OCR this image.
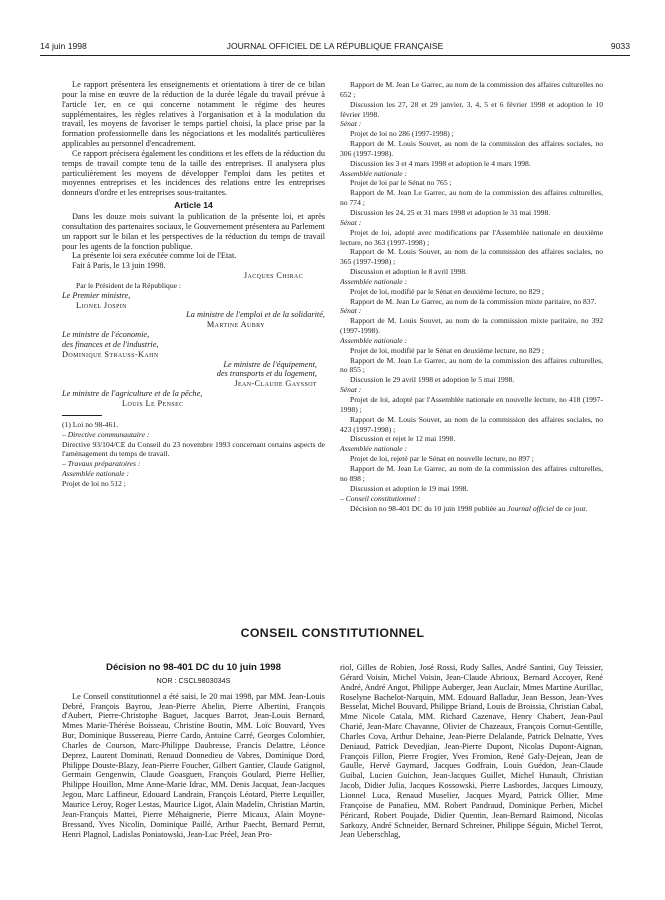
14 juin 1998	JOURNAL OFFICIEL DE LA RÉPUBLIQUE FRANÇAISE	9033

Le rapport présentera les enseignements et orientations à tirer de ce bilan pour la mise en œuvre de la réduction de la durée légale du travail prévue à l'article 1er, en ce qui concerne notamment le régime des heures supplémentaires, les règles relatives à l'organisation et à la modulation du travail, les moyens de favoriser le temps partiel choisi, la place prise par la formation professionnelle dans les négociations et les modalités particulières applicables au personnel d'encadrement.

Ce rapport précisera également les conditions et les effets de la réduction du temps de travail compte tenu de la taille des entreprises. Il analysera plus particulièrement les moyens de développer l'emploi dans les petites et moyennes entreprises et les incidences des relations entre les entreprises donneurs d'ordre et les entreprises sous-traitantes.

Article 14

Dans les douze mois suivant la publication de la présente loi, et après consultation des partenaires sociaux, le Gouvernement présentera au Parlement un rapport sur le bilan et les perspectives de la réduction du temps de travail pour les agents de la fonction publique.

La présente loi sera exécutée comme loi de l'Etat.

Fait à Paris, le 13 juin 1998.

Jacques Chirac

Par le Président de la République :

Le Premier ministre,

Lionel Jospin

La ministre de l'emploi et de la solidarité,

Martine Aubry

Le ministre de l'économie,

des finances et de l'industrie,

Dominique Strauss-Kahn

Le ministre de l'équipement,

des transports et du logement,

Jean-Claude Gayssot

Le ministre de l'agriculture et de la pêche,

Louis Le Pensec

(1) Loi no 98-461.

– Directive communautaire :

Directive 93/104/CE du Conseil du 23 novembre 1993 concernant certains aspects de l'aménagement du temps de travail.

– Travaux préparatoires :

Assemblée nationale :

Projet de loi no 512 ;

Rapport de M. Jean Le Garrec, au nom de la commission des affaires culturelles no 652 ;

Discussion les 27, 28 et 29 janvier, 3, 4, 5 et 6 février 1998 et adoption le 10 février 1998.

Sénat :

Projet de loi no 286 (1997-1998) ;

Rapport de M. Louis Souvet, au nom de la commission des affaires sociales, no 306 (1997-1998).

Discussion les 3 et 4 mars 1998 et adoption le 4 mars 1998.

Assemblée nationale :

Projet de loi par le Sénat no 765 ;

Rapport de M. Jean Le Garrec, au nom de la commission des affaires culturelles, no 774 ;

Discussion les 24, 25 et 31 mars 1998 et adoption le 31 mai 1998.

Sénat :

Projet de loi, adopté avec modifications par l'Assemblée nationale en deuxième lecture, no 363 (1997-1998) ;

Rapport de M. Louis Souvet, au nom de la commission des affaires sociales, no 365 (1997-1998) ;

Discussion et adoption le 8 avril 1998.

Assemblée nationale :

Projet de loi, modifié par le Sénat en deuxième lecture, no 829 ;

Rapport de M. Jean Le Garrec, au nom de la commission mixte paritaire, no 837.

Sénat :

Rapport de M. Louis Souvet, au nom de la commission mixte paritaire, no 392 (1997-1998).

Assemblée nationale :

Projet de loi, modifié par le Sénat en deuxième lecture, no 829 ;

Rapport de M. Jean Le Garrec, au nom de la commission des affaires culturelles, no 855 ;

Discussion le 29 avril 1998 et adoption le 5 mai 1998.

Sénat :

Projet de loi, adopté par l'Assemblée nationale en nouvelle lecture, no 418 (1997-1998) ;

Rapport de M. Louis Souvet, au nom de la commission des affaires sociales, no 423 (1997-1998) ;

Discussion et rejet le 12 mai 1998.

Assemblée nationale :

Projet de loi, rejeté par le Sénat en nouvelle lecture, no 897 ;

Rapport de M. Jean Le Garrec, au nom de la commission des affaires culturelles, no 898 ;

Discussion et adoption le 19 mai 1998.

– Conseil constitutionnel :

Décision no 98-401 DC du 10 juin 1998 publiée au Journal officiel de ce jour.

CONSEIL CONSTITUTIONNEL

Décision no 98-401 DC du 10 juin 1998

NOR : CSCL9803034S

Le Conseil constitutionnel a été saisi, le 20 mai 1998, par MM. Jean-Louis Debré, François Bayrou, Jean-Pierre Abelin, Pierre Albertini, François d'Aubert, Pierre-Christophe Baguet, Jacques Barrot, Jean-Louis Bernard, Mmes Marie-Thérèse Boisseau, Christine Boutin, MM. Loïc Bouvard, Yves Bur, Dominique Bussereau, Pierre Cardo, Antoine Carré, Georges Colombier, Charles de Courson, Marc-Philippe Daubresse, Francis Delattre, Léonce Deprez, Laurent Dominati, Renaud Donnedieu de Vabres, Dominique Dord, Philippe Douste-Blazy, Jean-Pierre Foucher, Gilbert Gantier, Claude Gatignol, Germain Gengenwin, Claude Goasguen, François Goulard, Pierre Hellier, Philippe Houillon, Mme Anne-Marie Idrac, MM. Denis Jacquat, Jean-Jacques Jegou, Marc Laffineur, Edouard Landrain, François Léotard, Pierre Lequiller, Maurice Leroy, Roger Lestas, Maurice Ligot, Alain Madelin, Christian Martin, Jean-François Mattei, Pierre Méhaignerie, Pierre Micaux, Alain Moyne-Bressand, Yves Nicolin, Dominique Paillé, Arthur Paecht, Bernard Perrut, Henri Plagnol, Ladislas Poniatowski, Jean-Luc Préel, Jean Pro-

riol, Gilles de Robien, José Rossi, Rudy Salles, André Santini, Guy Teissier, Gérard Voisin, Michel Voisin, Jean-Claude Abrioux, Bernard Accoyer, René André, André Angot, Philippe Auberger, Jean Auclair, Mmes Martine Aurillac, Roselyne Bachelot-Narquin, MM. Edouard Balladur, Jean Besson, Jean-Yves Besselat, Michel Bouvard, Philippe Briand, Louis de Broissia, Christian Cabal, Mme Nicole Catala, MM. Richard Cazenave, Henry Chabert, Jean-Paul Charié, Jean-Marc Chavanne, Olivier de Chazeaux, François Cornut-Gentille, Charles Cova, Arthur Dehaine, Jean-Pierre Delalande, Patrick Delnatte, Yves Deniaud, Patrick Devedjian, Jean-Pierre Dupont, Nicolas Dupont-Aignan, François Fillon, Pierre Frogier, Yves Fromion, René Galy-Dejean, Jean de Gaulle, Hervé Gaymard, Jacques Godfrain, Louis Guédon, Jean-Claude Guibal, Lucien Guichon, Jean-Jacques Guillet, Michel Hunault, Christian Jacob, Didier Julia, Jacques Kossowski, Pierre Lasbordes, Jacques Limouzy, Lionnel Luca, Renaud Muselier, Jacques Myard, Patrick Ollier, Mme Françoise de Panafieu, MM. Robert Pandraud, Dominique Perben, Michel Péricard, Robert Poujade, Didier Quentin, Jean-Bernard Raimond, Nicolas Sarkozy, André Schneider, Bernard Schreiner, Philippe Séguin, Michel Terrot, Jean Ueberschlag,
